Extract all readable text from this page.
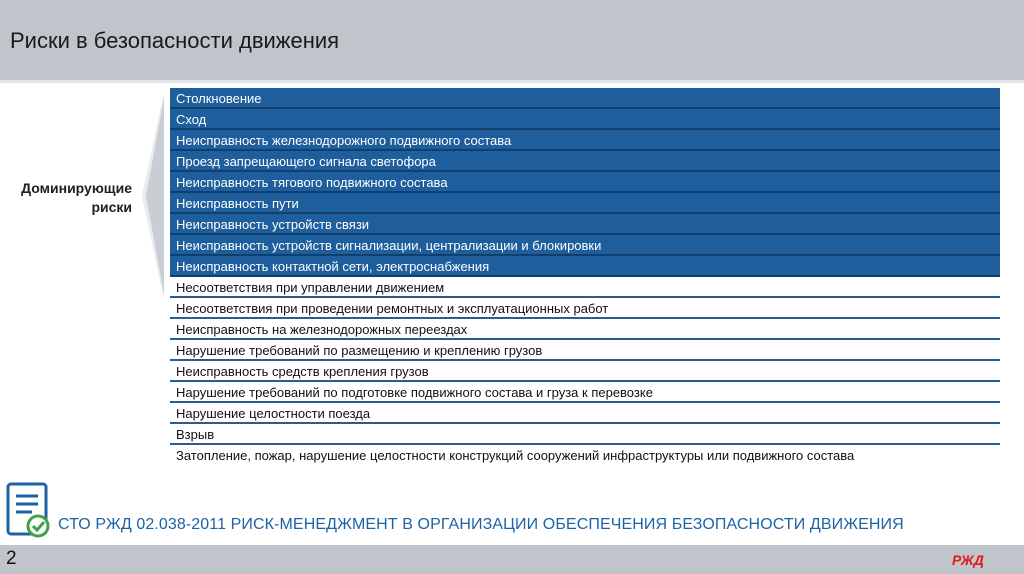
Риски в безопасности движения
Доминирующие
риски
Столкновение
Сход
Неисправность железнодорожного подвижного состава
Проезд запрещающего сигнала светофора
Неисправность тягового подвижного состава
Неисправность пути
Неисправность устройств связи
Неисправность устройств сигнализации, централизации и блокировки
Неисправность контактной сети, электроснабжения
Несоответствия при управлении движением
Несоответствия при проведении ремонтных и эксплуатационных работ
Неисправность на железнодорожных переездах
Нарушение требований по размещению и креплению грузов
Неисправность средств крепления грузов
Нарушение требований по подготовке подвижного состава и груза к перевозке
Нарушение целостности поезда
Взрыв
Затопление, пожар, нарушение целостности конструкций сооружений инфраструктуры или подвижного состава
СТО РЖД 02.038-2011 РИСК-МЕНЕДЖМЕНТ В ОРГАНИЗАЦИИ ОБЕСПЕЧЕНИЯ БЕЗОПАСНОСТИ ДВИЖЕНИЯ
2	РЖД
